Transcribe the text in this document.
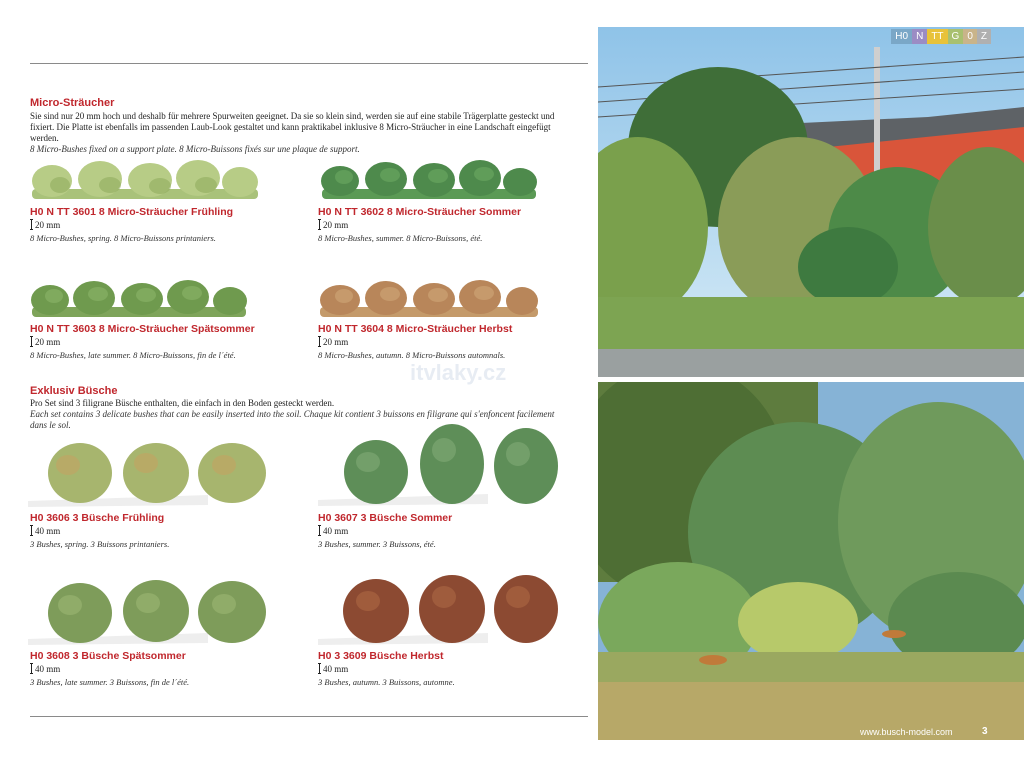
Micro-Sträucher
Sie sind nur 20 mm hoch und deshalb für mehrere Spurweiten geeignet. Da sie so klein sind, werden sie auf eine stabile Trägerplatte gesteckt und fixiert. Die Platte ist ebenfalls im passenden Laub-Look gestaltet und kann praktikabel inklusive 8 Micro-Sträucher in eine Landschaft eingefügt werden.
8 Micro-Bushes fixed on a support plate. 8 Micro-Buissons fixés sur une plaque de support.

H0 N TT 3601 8 Micro-Sträucher Frühling

20 mm
8 Micro-Bushes, spring. 8 Micro-Buissons printaniers.

H0 N TT 3602 8 Micro-Sträucher Sommer

20 mm
8 Micro-Bushes, summer. 8 Micro-Buissons, été.

H0 N TT 3603 8 Micro-Sträucher Spätsommer

20 mm
8 Micro-Bushes, late summer. 8 Micro-Buissons, fin de l´été.

H0 N TT 3604 8 Micro-Sträucher Herbst

20 mm
8 Micro-Bushes, autumn. 8 Micro-Buissons automnals.
itvlaky.cz
Exklusiv Büsche
Pro Set sind 3 filigrane Büsche enthalten, die einfach in den Boden gesteckt werden.
Each set contains 3 delicate bushes that can be easily inserted into the soil. Chaque kit contient 3 buissons en filigrane qui s'enfoncent facilement dans le sol.

H0 3606 3 Büsche Frühling

40 mm
3 Bushes, spring. 3 Buissons printaniers.

H0 3607 3 Büsche Sommer

40 mm
3 Bushes, summer. 3 Buissons, été.

H0 3608 3 Büsche Spätsommer

40 mm
3 Bushes, late summer. 3 Buissons, fin de l´été.

H0 3 3609 Büsche Herbst

40 mm
3 Bushes, autumn. 3 Buissons, automne.
H0 N TT G 0 Z
www.busch-model.com	3
